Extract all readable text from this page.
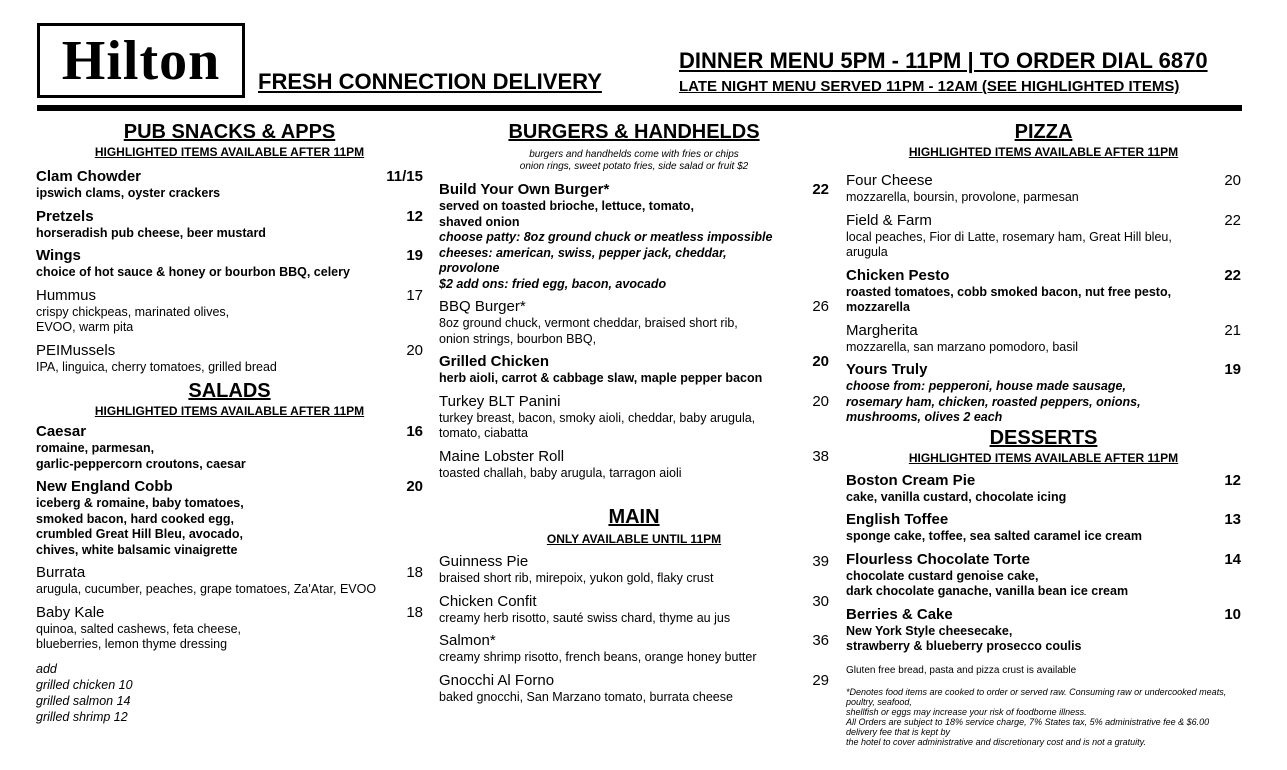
Hilton FRESH CONNECTION DELIVERY
DINNER MENU 5PM - 11PM | TO ORDER DIAL 6870
LATE NIGHT MENU SERVED 11PM - 12AM (SEE HIGHLIGHTED ITEMS)
PUB SNACKS & APPS
HIGHLIGHTED ITEMS AVAILABLE AFTER 11PM
Clam Chowder	11/15
ipswich clams, oyster crackers
Pretzels	12
horseradish pub cheese, beer mustard
Wings	19
choice of hot sauce & honey or bourbon BBQ, celery
Hummus	17
crispy chickpeas, marinated olives,
EVOO, warm pita
PEIMussels	20
IPA, linguica, cherry tomatoes, grilled bread
SALADS
HIGHLIGHTED ITEMS AVAILABLE AFTER 11PM
Caesar	16
romaine, parmesan,
garlic-peppercorn croutons, caesar
New England Cobb	20
iceberg & romaine, baby tomatoes,
smoked bacon, hard cooked egg,
crumbled Great Hill Bleu, avocado,
chives, white balsamic vinaigrette
Burrata	18
arugula, cucumber, peaches, grape tomatoes, Za'Atar, EVOO
Baby Kale	18
quinoa, salted cashews, feta cheese,
blueberries, lemon thyme dressing
add
grilled chicken 10
grilled salmon 14
grilled shrimp 12
BURGERS & HANDHELDS
burgers and handhelds come with fries or chips
onion rings, sweet potato fries, side salad or fruit $2
Build Your Own Burger*	22
served on toasted brioche, lettuce, tomato,
shaved onion
choose patty: 8oz ground chuck or meatless impossible
cheeses: american, swiss, pepper jack, cheddar,
provolone
$2 add ons: fried egg, bacon, avocado
BBQ Burger*	26
8oz ground chuck, vermont cheddar, braised short rib,
onion strings, bourbon BBQ,
Grilled Chicken	20
herb aioli, carrot & cabbage slaw, maple pepper bacon
Turkey BLT Panini	20
turkey breast, bacon, smoky aioli, cheddar, baby arugula,
tomato, ciabatta
Maine Lobster Roll	38
toasted challah, baby arugula, tarragon aioli
MAIN
ONLY AVAILABLE UNTIL 11PM
Guinness Pie	39
braised short rib, mirepoix, yukon gold, flaky crust
Chicken Confit	30
creamy herb risotto, sauté swiss chard, thyme au jus
Salmon*	36
creamy shrimp risotto, french beans, orange honey butter
Gnocchi Al Forno	29
baked gnocchi, San Marzano tomato, burrata cheese
PIZZA
HIGHLIGHTED ITEMS AVAILABLE AFTER 11PM
Four Cheese	20
mozzarella, boursin, provolone, parmesan
Field & Farm	22
local peaches, Fior di Latte, rosemary ham, Great Hill bleu,
arugula
Chicken Pesto	22
roasted tomatoes, cobb smoked bacon, nut free pesto,
mozzarella
Margherita	21
mozzarella, san marzano pomodoro, basil
Yours Truly	19
choose from: pepperoni, house made sausage,
rosemary ham, chicken, roasted peppers, onions,
mushrooms, olives 2 each
DESSERTS
HIGHLIGHTED ITEMS AVAILABLE AFTER 11PM
Boston Cream Pie	12
cake, vanilla custard, chocolate icing
English Toffee	13
sponge cake, toffee, sea salted caramel ice cream
Flourless Chocolate Torte	14
chocolate custard genoise cake,
dark chocolate ganache, vanilla bean ice cream
Berries & Cake	10
New York Style cheesecake,
strawberry & blueberry prosecco coulis
Gluten free bread, pasta and pizza crust is available
*Denotes food items are cooked to order or served raw. Consuming raw or undercooked meats, poultry, seafood,
shellfish or eggs may increase your risk of foodborne illness.
All Orders are subject to 18% service charge, 7% States tax, 5% administrative fee & $6.00 delivery fee that is kept by
the hotel to cover administrative and discretionary cost and is not a gratuity.
